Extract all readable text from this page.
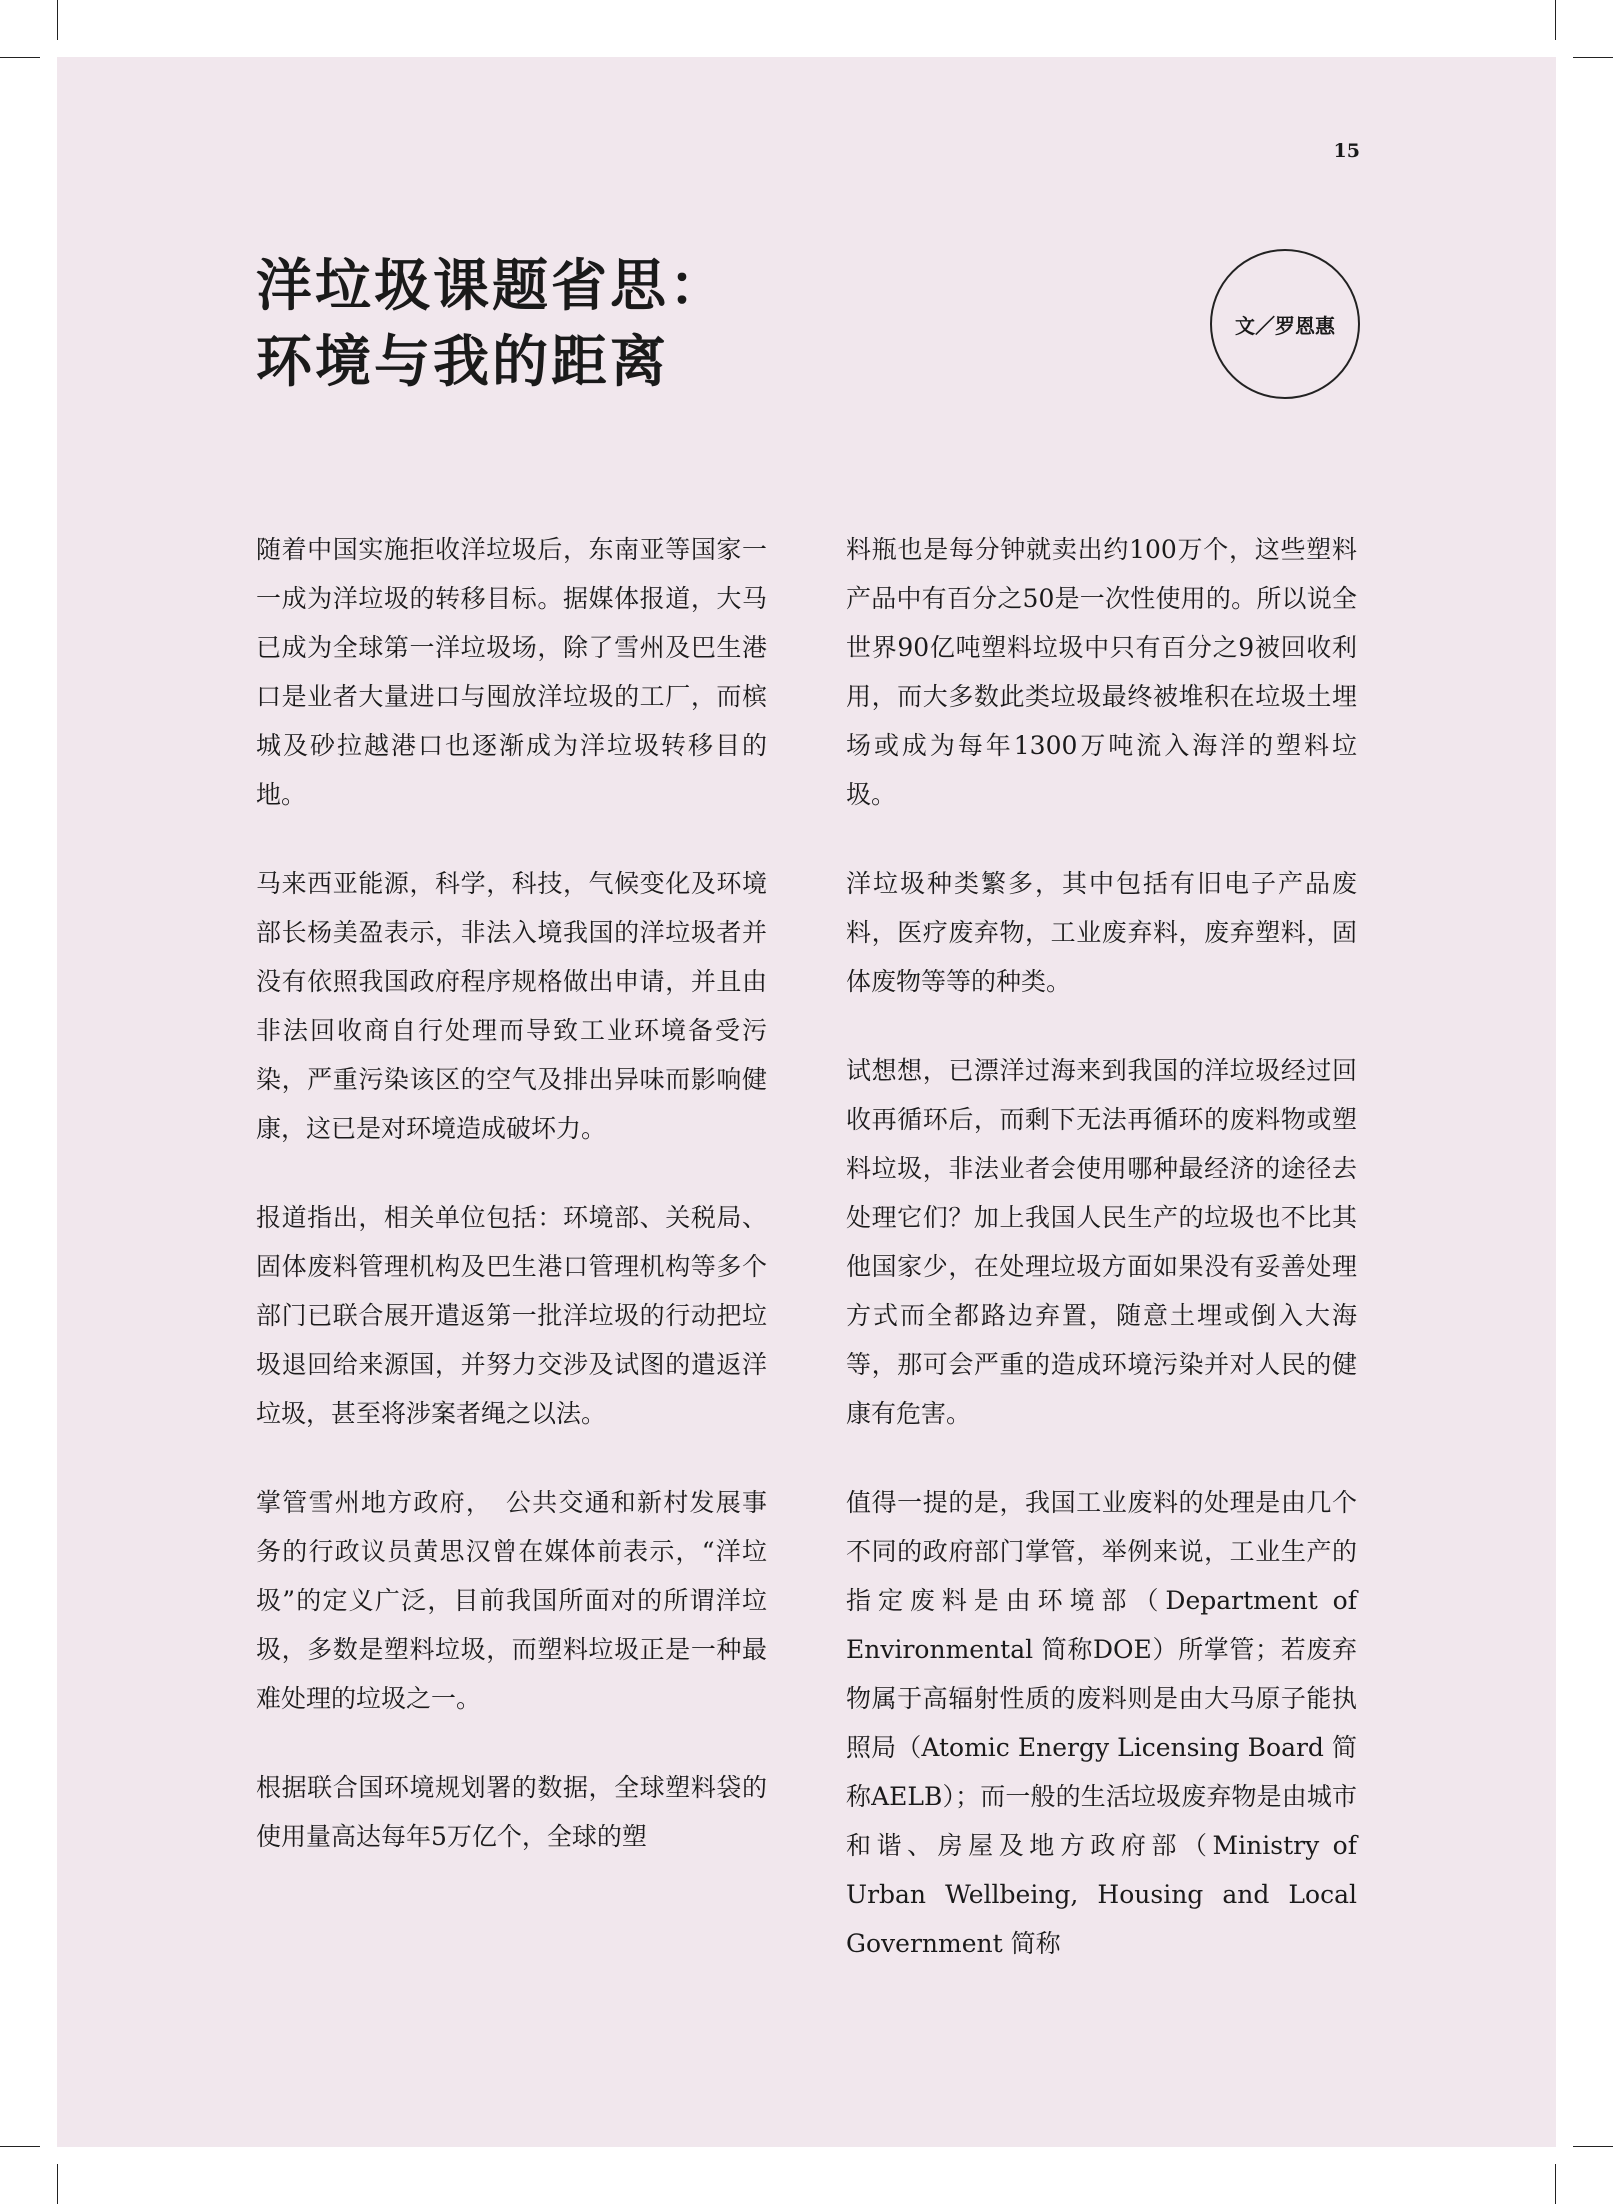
15
洋垃圾课题省思：
环境与我的距离
文／罗恩惠

随着中国实施拒收洋垃圾后，东南亚等国家一一成为洋垃圾的转移目标。据媒体报道，大马已成为全球第一洋垃圾场，除了雪州及巴生港口是业者大量进口与囤放洋垃圾的工厂，而槟城及砂拉越港口也逐渐成为洋垃圾转移目的地。

马来西亚能源，科学，科技，气候变化及环境部长杨美盈表示，非法入境我国的洋垃圾者并没有依照我国政府程序规格做出申请，并且由非法回收商自行处理而导致工业环境备受污染，严重污染该区的空气及排出异味而影响健康，这已是对环境造成破坏力。

报道指出，相关单位包括：环境部、关税局、固体废料管理机构及巴生港口管理机构等多个部门已联合展开遣返第一批洋垃圾的行动把垃圾退回给来源国，并努力交涉及试图的遣返洋垃圾，甚至将涉案者绳之以法。

掌管雪州地方政府，　公共交通和新村发展事务的行政议员黄思汉曾在媒体前表示，“洋垃圾”的定义广泛，目前我国所面对的所谓洋垃圾，多数是塑料垃圾，而塑料垃圾正是一种最难处理的垃圾之一。

根据联合国环境规划署的数据，全球塑料袋的使用量高达每年5万亿个，全球的塑

料瓶也是每分钟就卖出约100万个，这些塑料产品中有百分之50是一次性使用的。所以说全世界90亿吨塑料垃圾中只有百分之9被回收利用，而大多数此类垃圾最终被堆积在垃圾土埋场或成为每年1300万吨流入海洋的塑料垃圾。

洋垃圾种类繁多，其中包括有旧电子产品废料，医疗废弃物，工业废弃料，废弃塑料，固体废物等等的种类。

试想想，已漂洋过海来到我国的洋垃圾经过回收再循环后，而剩下无法再循环的废料物或塑料垃圾，非法业者会使用哪种最经济的途径去处理它们？加上我国人民生产的垃圾也不比其他国家少，在处理垃圾方面如果没有妥善处理方式而全都路边弃置，随意土埋或倒入大海等，那可会严重的造成环境污染并对人民的健康有危害。

值得一提的是，我国工业废料的处理是由几个不同的政府部门掌管，举例来说，工业生产的指定废料是由环境部（Department of Environmental 简称DOE）所掌管；若废弃物属于高辐射性质的废料则是由大马原子能执照局（Atomic Energy Licensing Board 简称AELB）；而一般的生活垃圾废弃物是由城市和谐、房屋及地方政府部（Ministry of Urban Wellbeing, Housing and Local Government 简称
